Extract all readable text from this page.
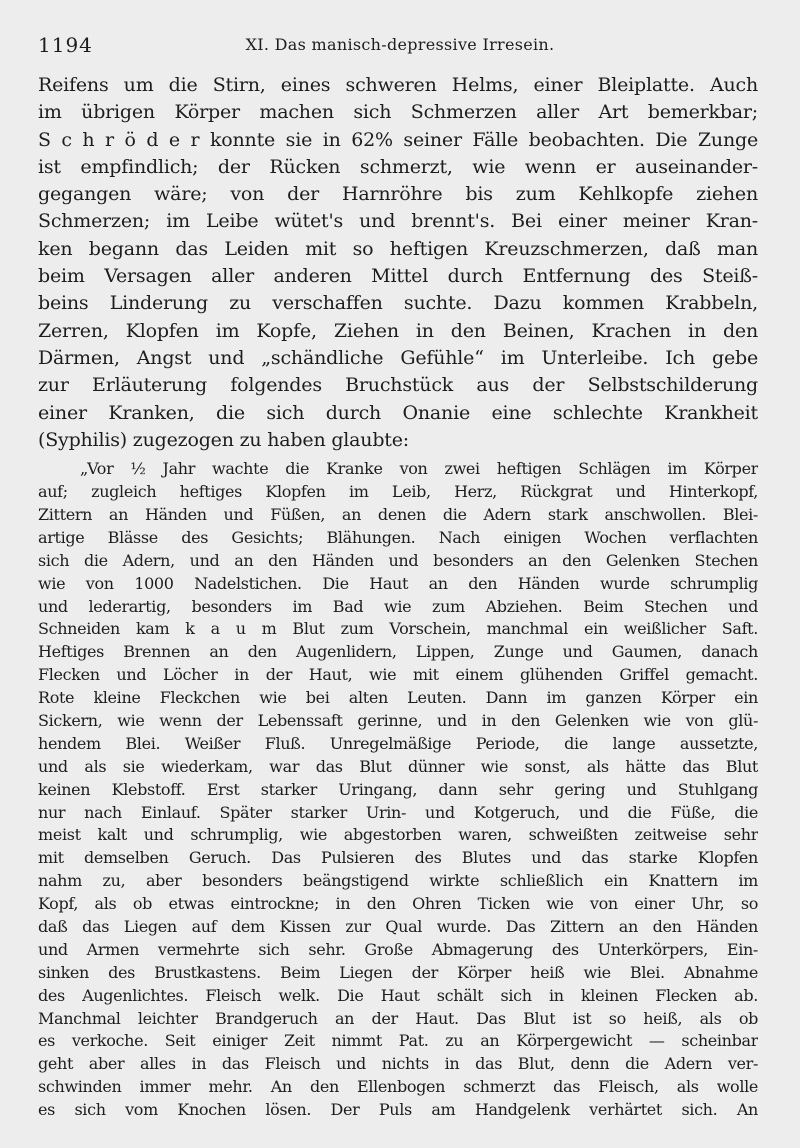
1194	XI. Das manisch-depressive Irresein.
Reifens um die Stirn, eines schweren Helms, einer Bleiplatte. Auch
im übrigen Körper machen sich Schmerzen aller Art bemerkbar;
S c h r ö d e r konnte sie in 62% seiner Fälle beobachten. Die Zunge
ist empfindlich; der Rücken schmerzt, wie wenn er auseinander-
gegangen wäre; von der Harnröhre bis zum Kehlkopfe ziehen
Schmerzen; im Leibe wütet's und brennt's. Bei einer meiner Kran-
ken begann das Leiden mit so heftigen Kreuzschmerzen, daß man
beim Versagen aller anderen Mittel durch Entfernung des Steiß-
beins Linderung zu verschaffen suchte. Dazu kommen Krabbeln,
Zerren, Klopfen im Kopfe, Ziehen in den Beinen, Krachen in den
Därmen, Angst und „schändliche Gefühle“ im Unterleibe. Ich gebe
zur Erläuterung folgendes Bruchstück aus der Selbstschilderung
einer Kranken, die sich durch Onanie eine schlechte Krankheit
(Syphilis) zugezogen zu haben glaubte:
„Vor ½ Jahr wachte die Kranke von zwei heftigen Schlägen im Körper
auf; zugleich heftiges Klopfen im Leib, Herz, Rückgrat und Hinterkopf,
Zittern an Händen und Füßen, an denen die Adern stark anschwollen. Blei-
artige Blässe des Gesichts; Blähungen. Nach einigen Wochen verflachten
sich die Adern, und an den Händen und besonders an den Gelenken Stechen
wie von 1000 Nadelstichen. Die Haut an den Händen wurde schrumplig
und lederartig, besonders im Bad wie zum Abziehen. Beim Stechen und
Schneiden kam k a u m Blut zum Vorschein, manchmal ein weißlicher Saft.
Heftiges Brennen an den Augenlidern, Lippen, Zunge und Gaumen, danach
Flecken und Löcher in der Haut, wie mit einem glühenden Griffel gemacht.
Rote kleine Fleckchen wie bei alten Leuten. Dann im ganzen Körper ein
Sickern, wie wenn der Lebenssaft gerinne, und in den Gelenken wie von glü-
hendem Blei. Weißer Fluß. Unregelmäßige Periode, die lange aussetzte,
und als sie wiederkam, war das Blut dünner wie sonst, als hätte das Blut
keinen Klebstoff. Erst starker Uringang, dann sehr gering und Stuhlgang
nur nach Einlauf. Später starker Urin- und Kotgeruch, und die Füße, die
meist kalt und schrumplig, wie abgestorben waren, schweißten zeitweise sehr
mit demselben Geruch. Das Pulsieren des Blutes und das starke Klopfen
nahm zu, aber besonders beängstigend wirkte schließlich ein Knattern im
Kopf, als ob etwas eintrockne; in den Ohren Ticken wie von einer Uhr, so
daß das Liegen auf dem Kissen zur Qual wurde. Das Zittern an den Händen
und Armen vermehrte sich sehr. Große Abmagerung des Unterkörpers, Ein-
sinken des Brustkastens. Beim Liegen der Körper heiß wie Blei. Abnahme
des Augenlichtes. Fleisch welk. Die Haut schält sich in kleinen Flecken ab.
Manchmal leichter Brandgeruch an der Haut. Das Blut ist so heiß, als ob
es verkoche. Seit einiger Zeit nimmt Pat. zu an Körpergewicht — scheinbar
geht aber alles in das Fleisch und nichts in das Blut, denn die Adern ver-
schwinden immer mehr. An den Ellenbogen schmerzt das Fleisch, als wolle
es sich vom Knochen lösen. Der Puls am Handgelenk verhärtet sich. An
